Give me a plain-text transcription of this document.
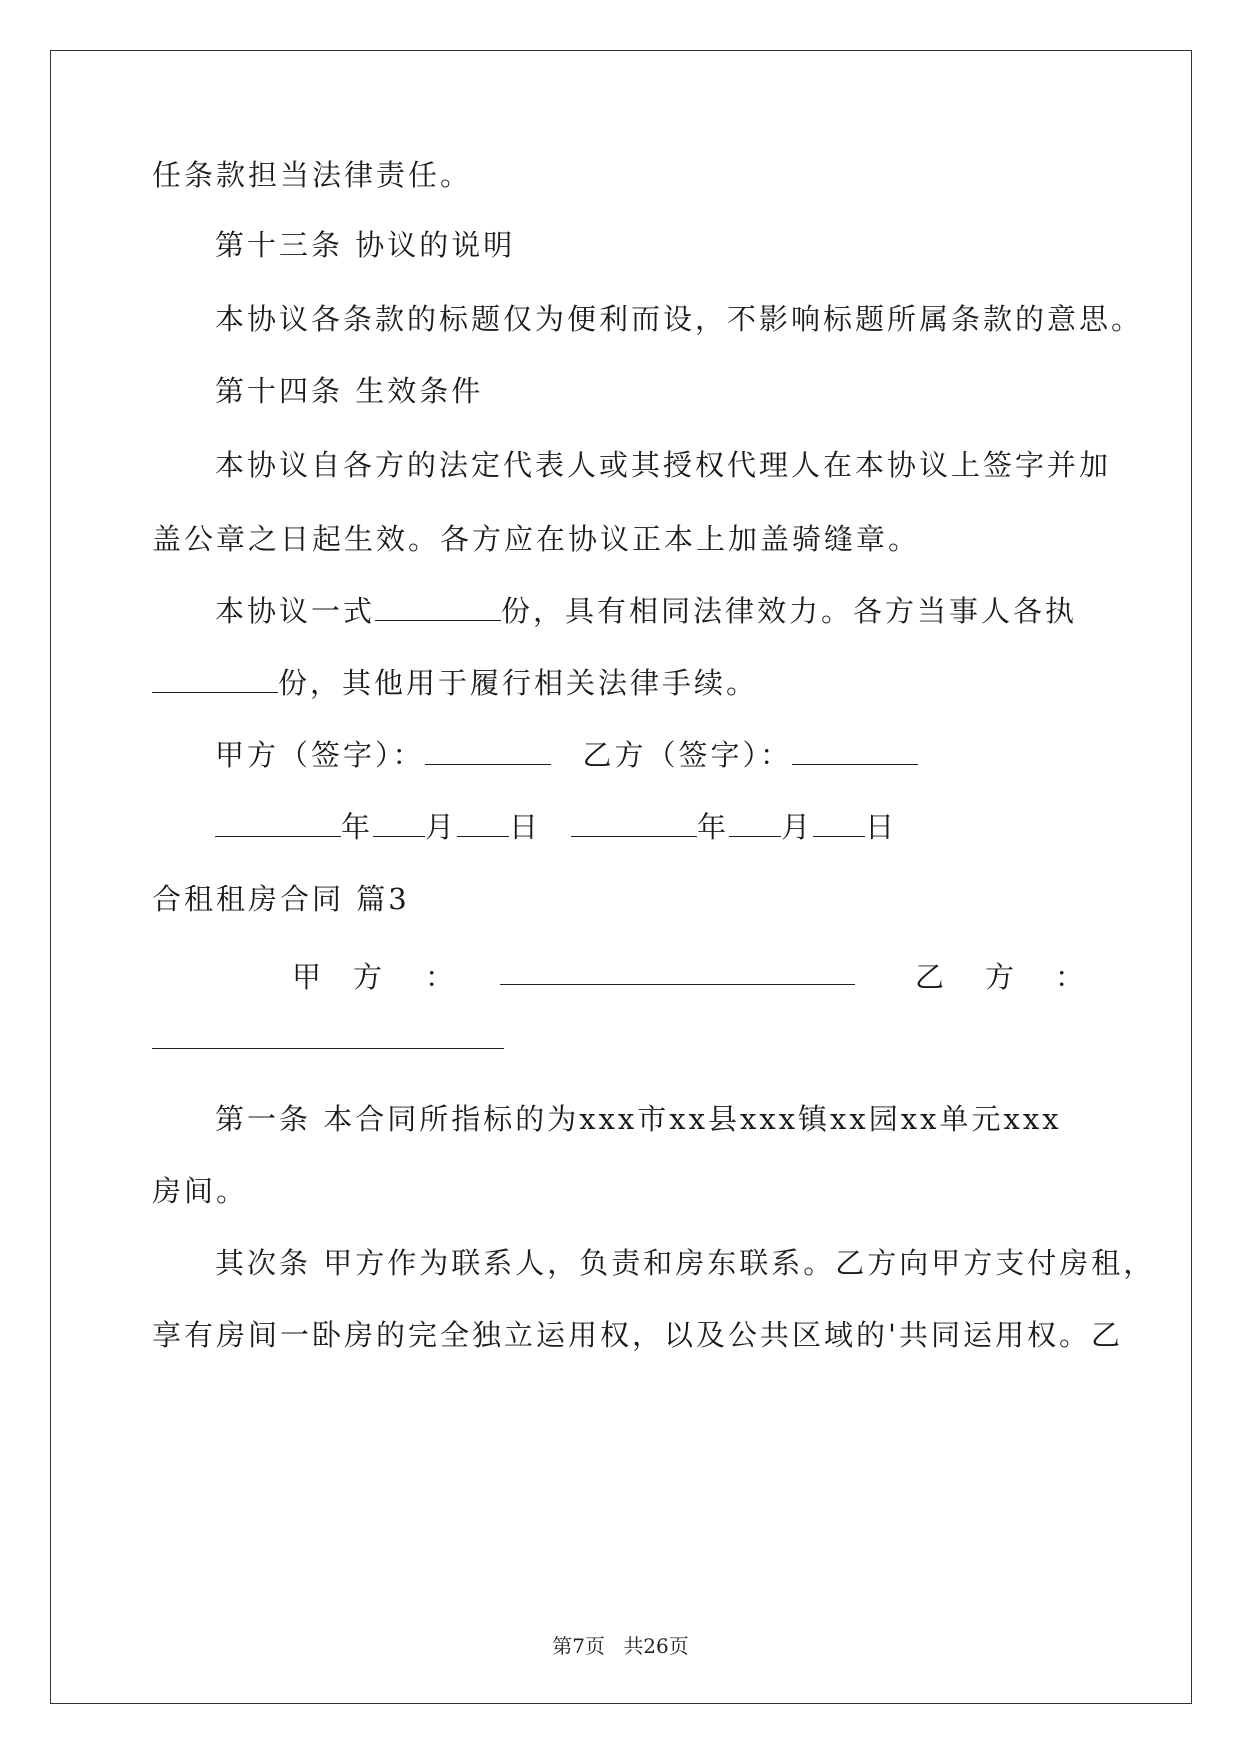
任条款担当法律责任。

第十三条 协议的说明

本协议各条款的标题仅为便利而设，不影响标题所属条款的意思。

第十四条 生效条件

本协议自各方的法定代表人或其授权代理人在本协议上签字并加

盖公章之日起生效。各方应在协议正本上加盖骑缝章。

本协议一式	份，具有相同法律效力。各方当事人各执

份，其他用于履行相关法律手续。

甲方（签字）：	乙方（签字）：

年 月 日	年 月 日

合租租房合同 篇3

甲 方 ：	乙 方 ：

第一条 本合同所指标的为xxx市xx县xxx镇xx园xx单元xxx

房间。

其次条 甲方作为联系人，负责和房东联系。乙方向甲方支付房租，

享有房间一卧房的完全独立运用权，以及公共区域的'共同运用权。乙

第7页 共26页
